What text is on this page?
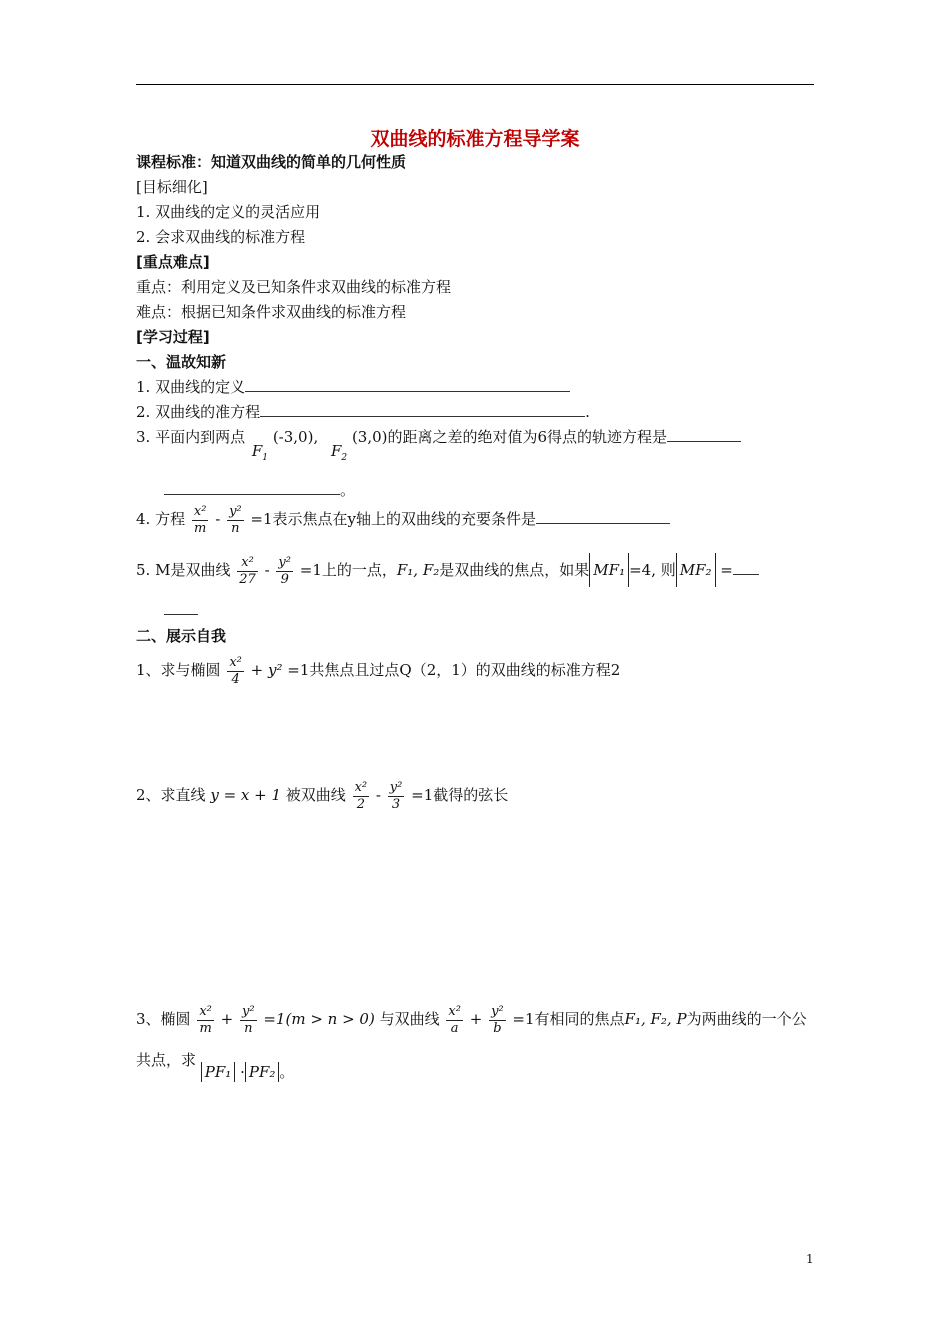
双曲线的标准方程导学案
课程标准：知道双曲线的简单的几何性质
[目标细化]
1. 双曲线的定义的灵活应用
2. 会求双曲线的标准方程
[重点难点]
重点：利用定义及已知条件求双曲线的标准方程
难点：根据已知条件求双曲线的标准方程
[学习过程]
一、温故知新
1. 双曲线的定义
2. 双曲线的准方程	.
3. 平面内到两点 $F_1$ (-3,0), $F_2$ (3,0)的距离之差的绝对值为6得点的轨迹方程是
。
4. 方程 $\frac{\text{x²}}{m} - \frac{\text{y²}}{n} =1$表示焦点在y轴上的双曲线的充要条件是
5. M是双曲线 $\frac{\text{x²}}{27} - \frac{\text{y²}}{9} =1$上的一点，F₁, F₂是双曲线的焦点，如果 MF₁ =4, 则 MF₂ =
二、展示自我
1、求与椭圆 $\frac{\text{x²}}{4} + y^2 =1$共焦点且过点Q（2，1）的双曲线的标准方程2
2、求直线 y = x + 1 被双曲线 $\frac{\text{x²}}{2} - \frac{\text{y²}}{3} =1$截得的弦长
3、椭圆 $\frac{\text{x²}}{m} + \frac{\text{y²}}{n} =1(m > n > 0)$ 与双曲线 $\frac{\text{x²}}{a} + \frac{\text{y²}}{b} =1$有相同的焦点F₁, F₂, P为两曲线的一个公
共点，求 PF₁ · PF₂ 。
1
